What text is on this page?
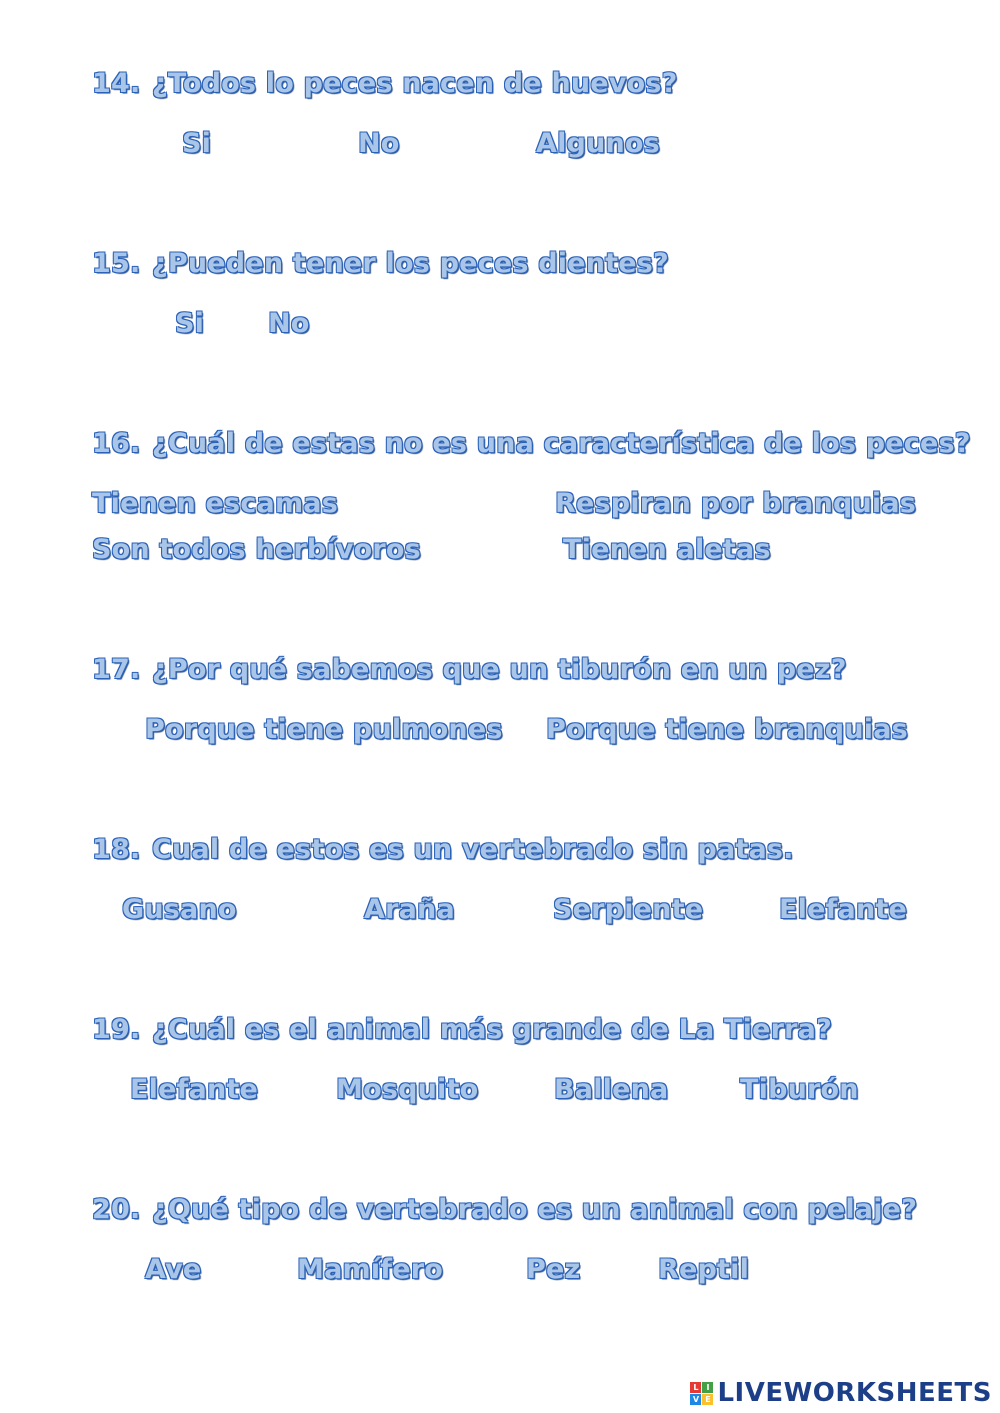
14. ¿Todos lo peces nacen de huevos?
Si	No	Algunos
15. ¿Pueden tener los peces dientes?
Si No
16. ¿Cuál de estas no es una característica de los peces?
Tienen escamas	Respiran por branquias
Son todos herbívoros	Tienen aletas
17. ¿Por qué sabemos que un tiburón en un pez?
Porque tiene pulmones Porque tiene branquias
18. Cual de estos es un vertebrado sin patas.
Gusano	Araña	Serpiente	Elefante
19. ¿Cuál es el animal más grande de La Tierra?
Elefante	Mosquito	Ballena	Tiburón
20. ¿Qué tipo de vertebrado es un animal con pelaje?
Ave	Mamífero	Pez	Reptil
L I
V E LIVEWORKSHEETS
